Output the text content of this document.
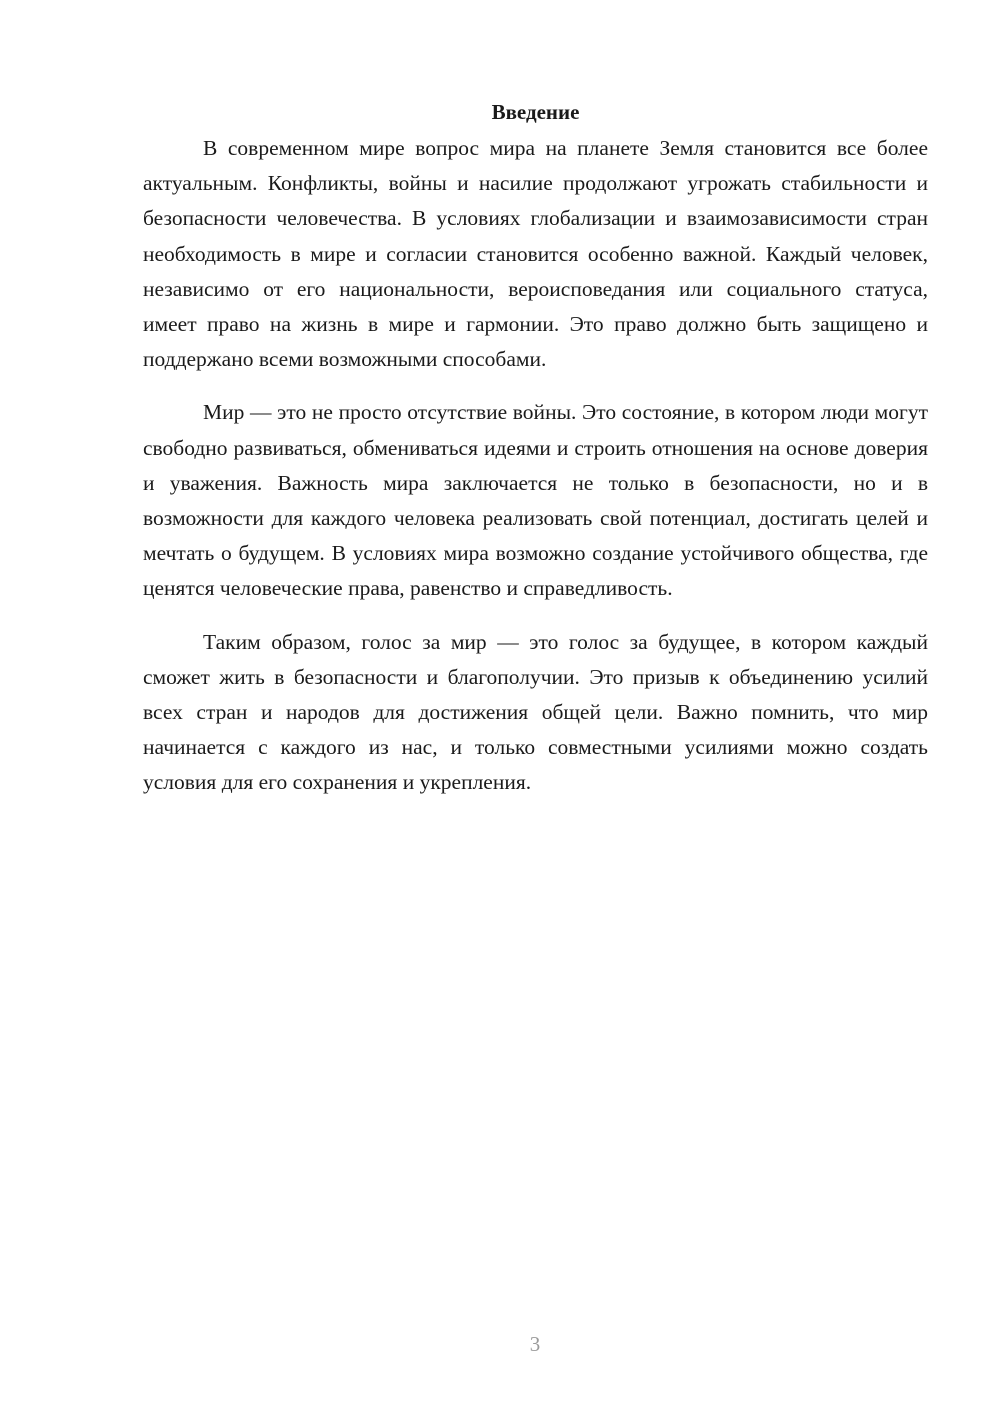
Введение

В современном мире вопрос мира на планете Земля становится все более актуальным. Конфликты, войны и насилие продолжают угрожать стабильности и безопасности человечества. В условиях глобализации и взаимозависимости стран необходимость в мире и согласии становится особенно важной. Каждый человек, независимо от его национальности, вероисповедания или социального статуса, имеет право на жизнь в мире и гармонии. Это право должно быть защищено и поддержано всеми возможными способами.

Мир — это не просто отсутствие войны. Это состояние, в котором люди могут свободно развиваться, обмениваться идеями и строить отношения на основе доверия и уважения. Важность мира заключается не только в безопасности, но и в возможности для каждого человека реализовать свой потенциал, достигать целей и мечтать о будущем. В условиях мира возможно создание устойчивого общества, где ценятся человеческие права, равенство и справедливость.

Таким образом, голос за мир — это голос за будущее, в котором каждый сможет жить в безопасности и благополучии. Это призыв к объединению усилий всех стран и народов для достижения общей цели. Важно помнить, что мир начинается с каждого из нас, и только совместными усилиями можно создать условия для его сохранения и укрепления.

3
